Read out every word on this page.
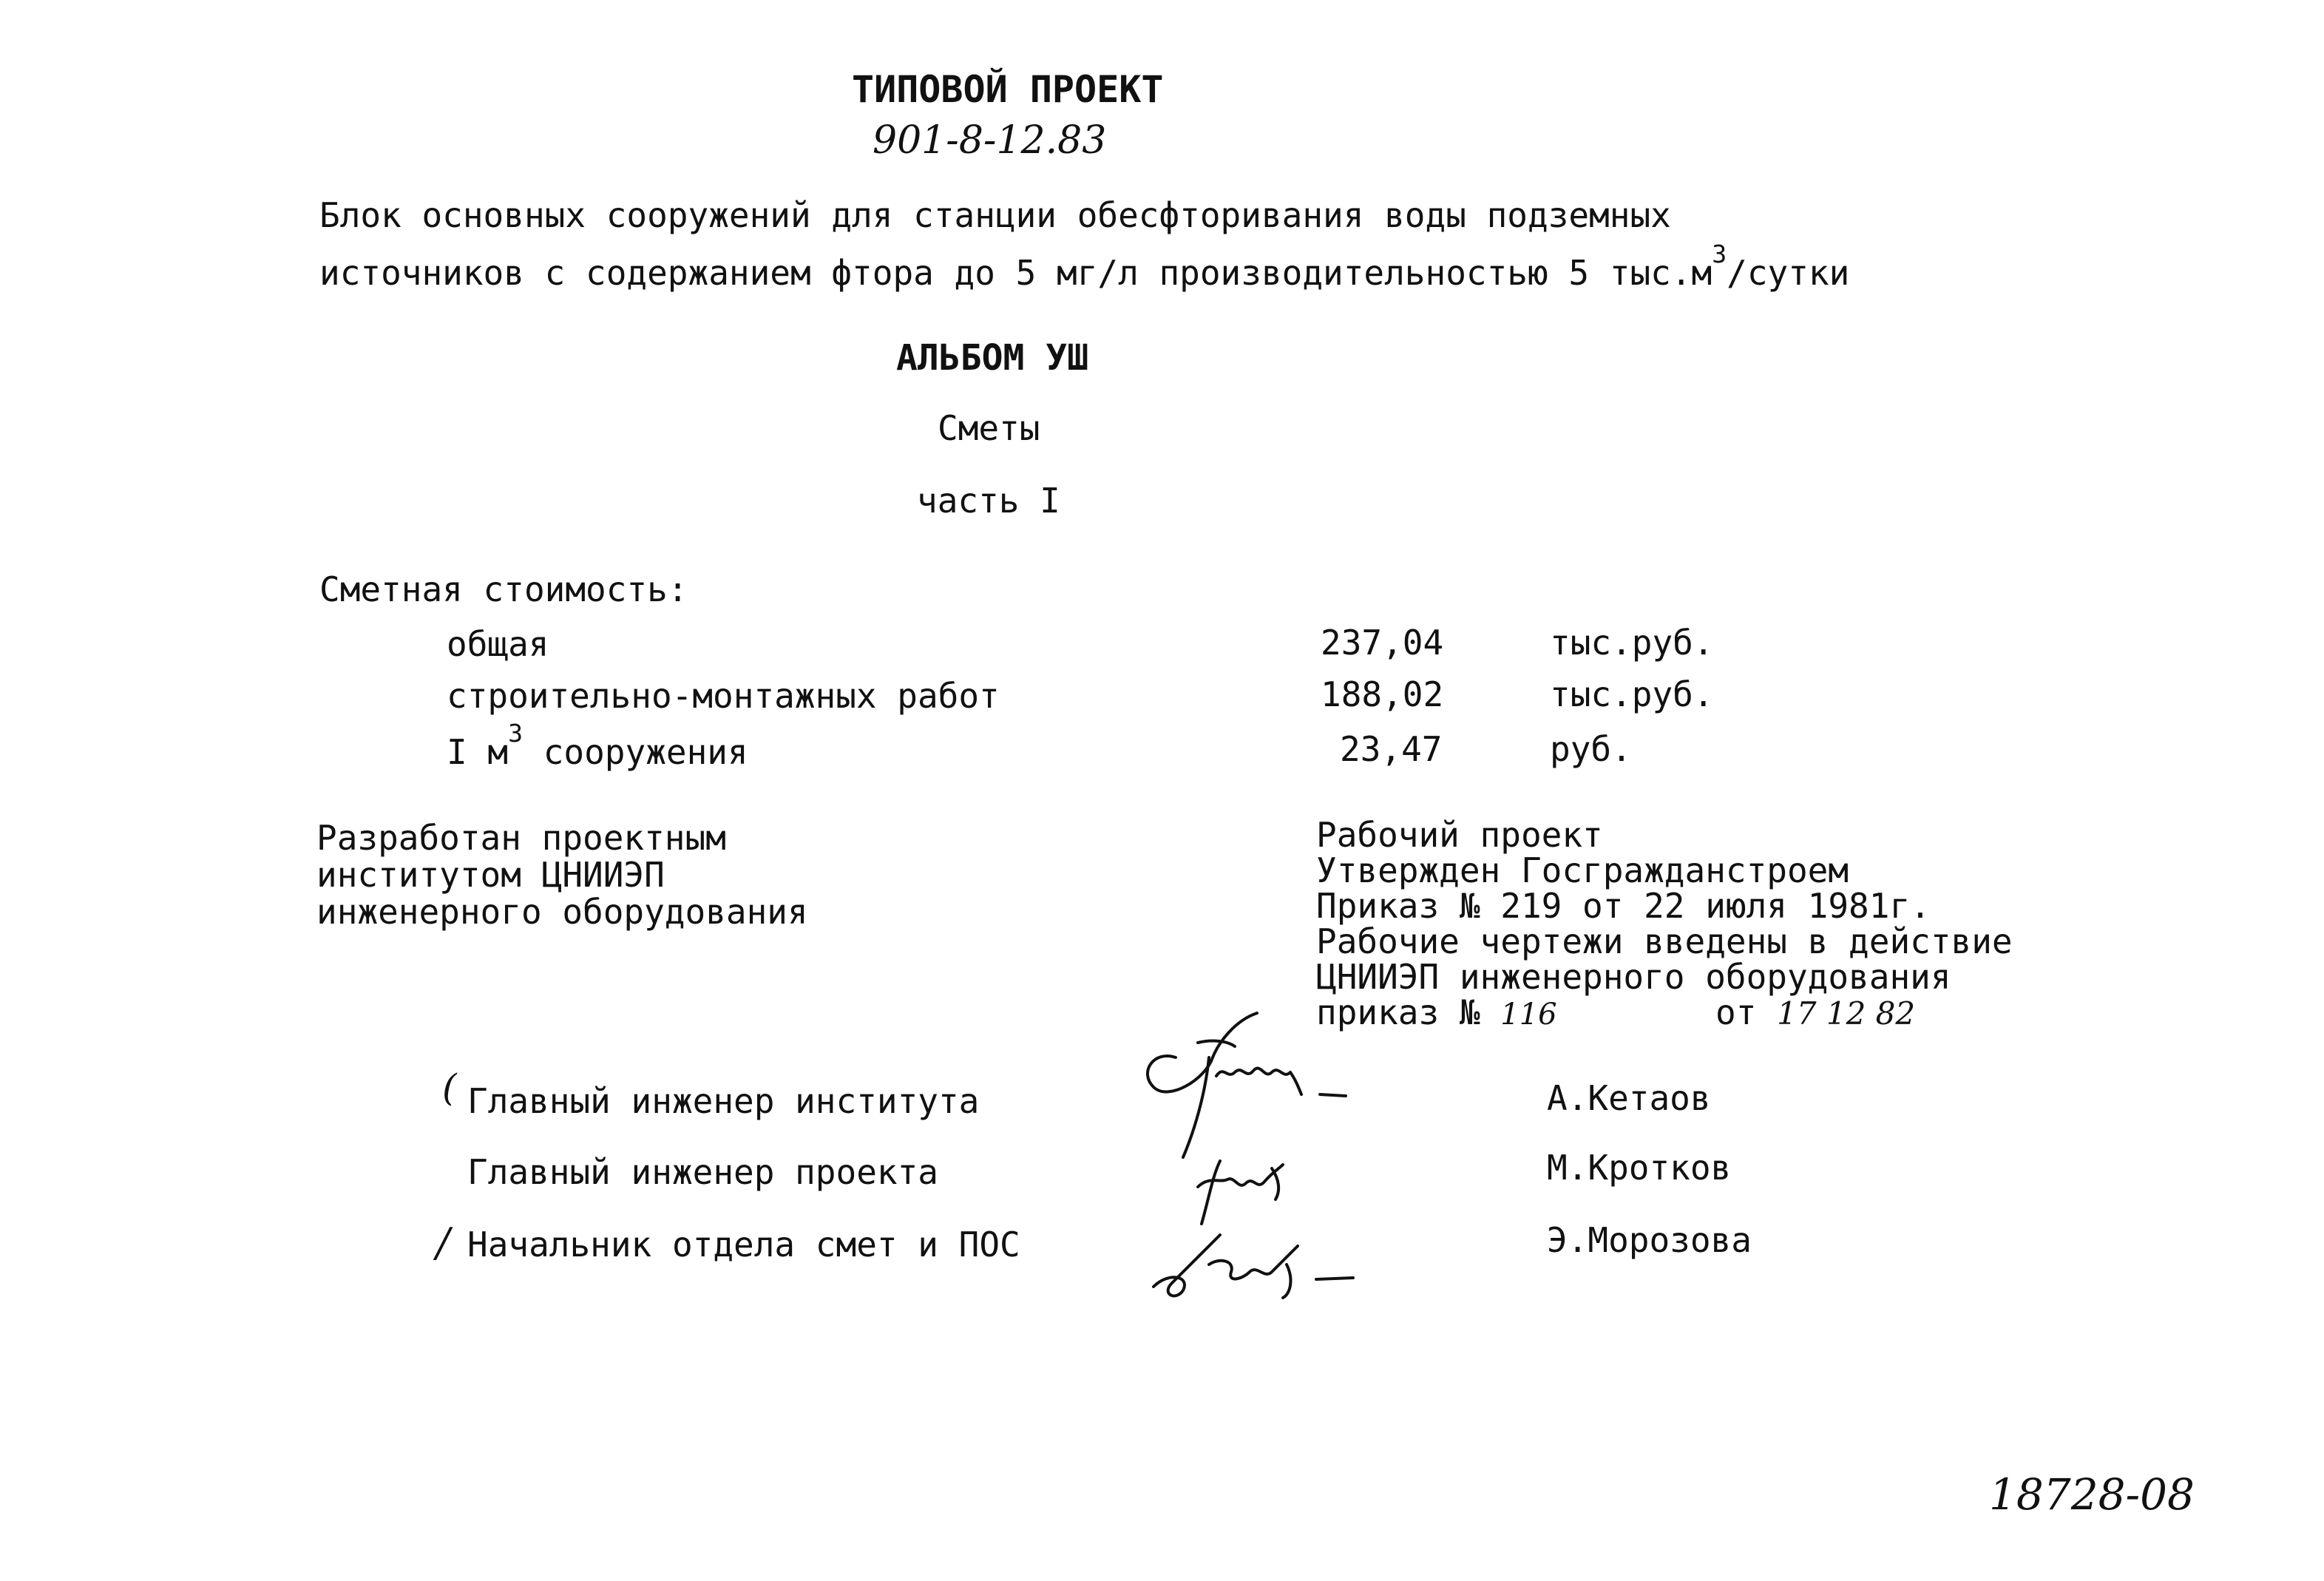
ТИПОВОЙ ПРОЕКТ
901-8-12.83
Блок основных сооружений для станции обесфторивания воды подземных
источников с содержанием фтора до 5 мг/л производительностью 5 $тыс.м^3$/сутки
АЛЬБОМ УШ
Сметы
часть I
Сметная стоимость:
общая	237,04	тыс.руб.
строительно-монтажных работ	188,02	тыс.руб.
I $м^3$ сооружения	23,47	руб.
Разработан проектным
институтом ЦНИИЭП
инженерного оборудования
Рабочий проект
Утвержден Госгражданстроем
Приказ № 219 от 22 июля 1981г.
Рабочие чертежи введены в действие
ЦНИИЭП инженерного оборудования
приказ № 116	от 17 12 82
( Главный инженер института	А.Кетаов
Главный инженер проекта	М.Кротков
/ Начальник отдела смет и ПОС	Э.Морозова
18728-08
